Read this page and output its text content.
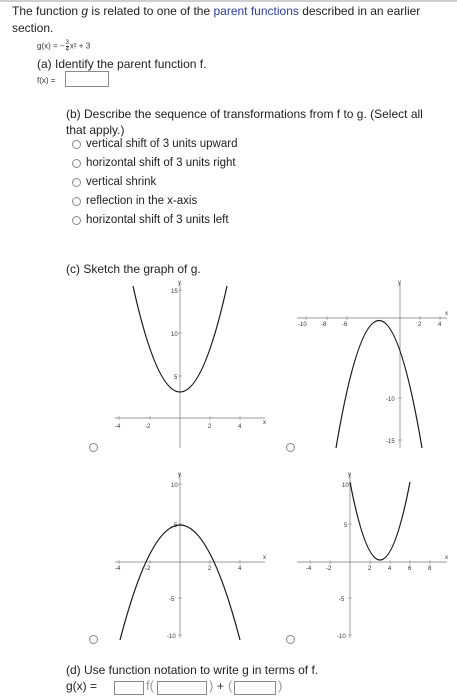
The function g is related to one of the parent functions described in an earlier section.
g(x) = − $\frac{3}{4} x^2 + 3$
(a) Identify the parent function f.
f(x) =
(b) Describe the sequence of transformations from f to g. (Select all that apply.)
vertical shift of 3 units upward
horizontal shift of 3 units right
vertical shrink
reflection in the x-axis
horizontal shift of 3 units left
(c) Sketch the graph of g.
-4	-2	2	4
15
10
5
y
x
-10 -8	-6	2	4
-10
-15
y
x
-4	-2	2	4
10
5
-5
-10
y
x
-4 -2	2	4	6	8
10
5
-5
-10
y
x
(d) Use function notation to write g in terms of f.
g(x) =	f(	) + (	)
